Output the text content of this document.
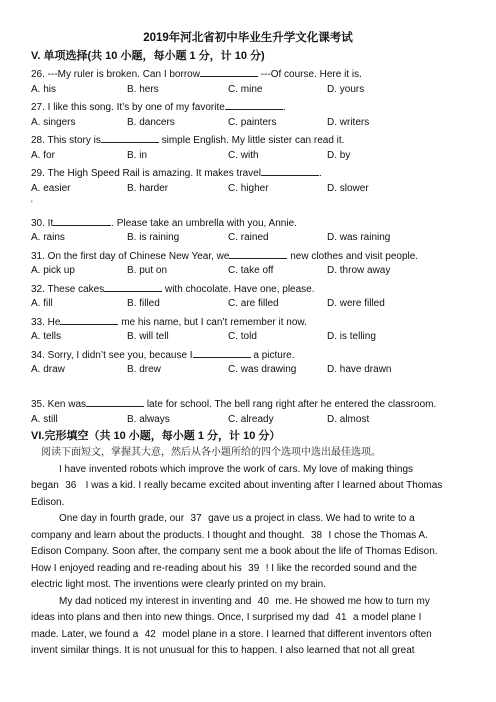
2019年河北省初中毕业生升学文化课考试
V. 单项选择(共 10 小题，每小题 1 分，计 10 分)
26. ---My ruler is broken. Can I borrow	---Of course. Here it is.
A. his	B. hers	C. mine	D. yours
27. I like this song. It’s by one of my favorite	.
A. singers	B. dancers	C. painters	D. writers
28. This story is	simple English. My little sister can read it.
A. for	B. in	C. with	D. by
29. The High Speed Rail is amazing. It makes travel	.
A. easier	B. harder	C. higher	D. slower
'
30. It	. Please take an umbrella with you, Annie.
A. rains	B. is raining	C. rained	D. was raining
31. On the first day of Chinese New Year, we	new clothes and visit people.
A. pick up	B. put on	C. take off	D. throw away
32. These cakes	with chocolate. Have one, please.
A. fill	B. filled	C. are filled	D. were filled
33. He	me his name, but I can’t remember it now.
A. tells	B. will tell	C. told	D. is telling
34. Sorry, I didn’t see you, because I	a picture.
A. draw	B. drew	C. was drawing	D. have drawn
35. Ken was	late for school. The bell rang right after he entered the classroom.
A. still	B. always	C. already	D. almost
VI.完形填空（共 10 小题，每小题 1 分，计 10 分）
阅读下面短文，掌握其大意，然后从各小题所给的四个选项中选出最佳选项。
I have invented robots which improve the work of cars. My love of making things
began 36 I was a kid. I really became excited about inventing after I learned about Thomas
Edison.
One day in fourth grade, our 37 gave us a project in class. We had to write to a
company and learn about the products. I thought and thought. 38 I chose the Thomas A.
Edison Company. Soon after, the company sent me a book about the life of Thomas Edison.
How I enjoyed reading and re-reading about his 39 ! I like the recorded sound and the
electric light most. The inventions were clearly printed on my brain.
My dad noticed my interest in inventing and 40 me. He showed me how to turn my
ideas into plans and then into new things. Once, I surprised my dad 41 a model plane I
made. Later, we found a 42 model plane in a store. I learned that different inventors often
invent similar things. It is not unusual for this to happen. I also learned that not all great
